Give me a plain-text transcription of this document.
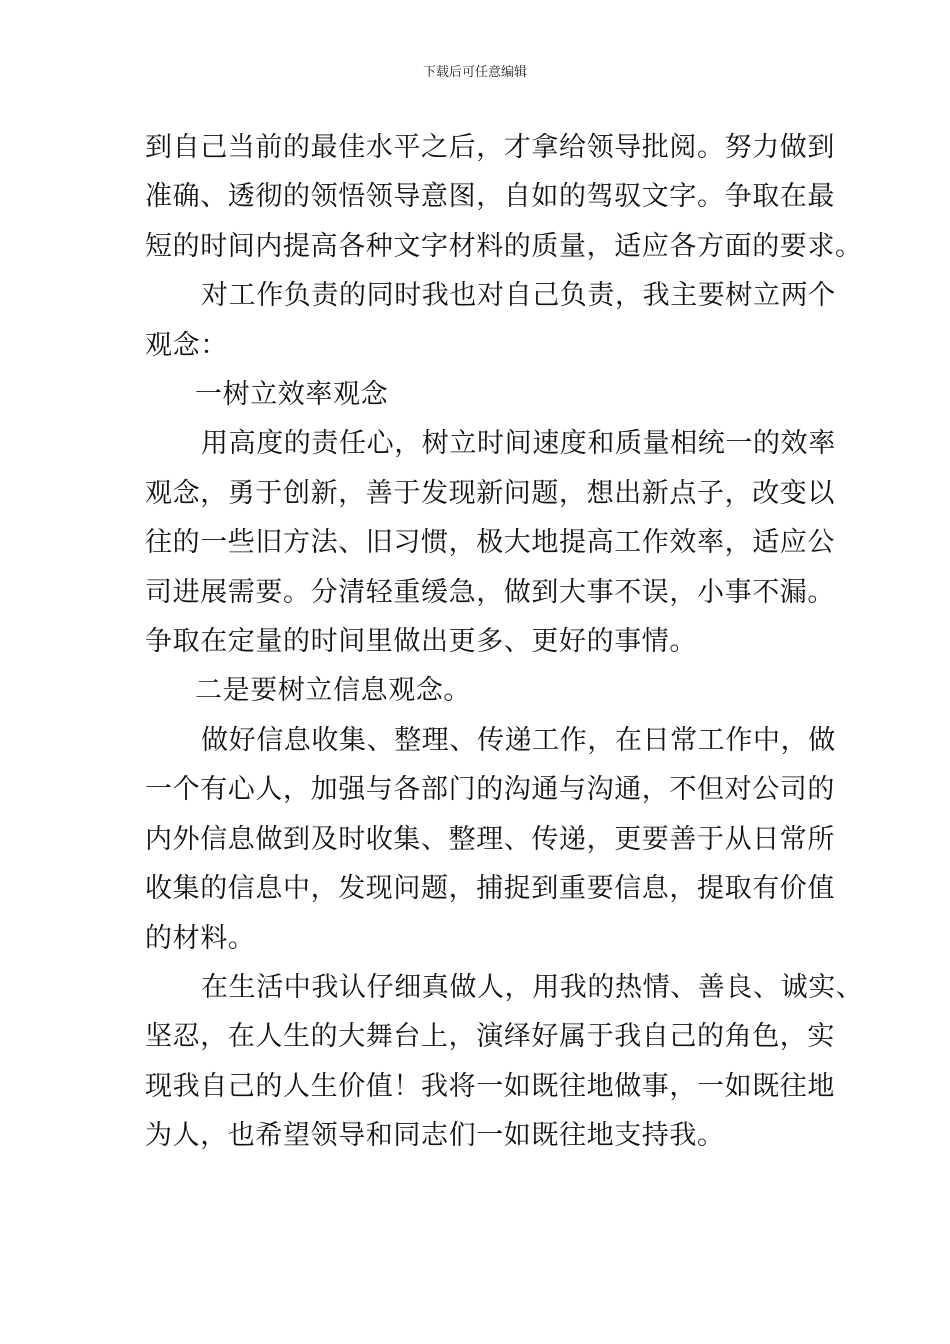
下载后可任意编辑
到自己当前的最佳水平之后，才拿给领导批阅。努力做到
准确、透彻的领悟领导意图，自如的驾驭文字。争取在最
短的时间内提高各种文字材料的质量，适应各方面的要求。
对工作负责的同时我也对自己负责，我主要树立两个
观念：
一树立效率观念
用高度的责任心，树立时间速度和质量相统一的效率
观念，勇于创新，善于发现新问题，想出新点子，改变以
往的一些旧方法、旧习惯，极大地提高工作效率，适应公
司进展需要。分清轻重缓急，做到大事不误，小事不漏。
争取在定量的时间里做出更多、更好的事情。
二是要树立信息观念。
做好信息收集、整理、传递工作，在日常工作中，做
一个有心人，加强与各部门的沟通与沟通，不但对公司的
内外信息做到及时收集、整理、传递，更要善于从日常所
收集的信息中，发现问题，捕捉到重要信息，提取有价值
的材料。
在生活中我认仔细真做人，用我的热情、善良、诚实、
坚忍，在人生的大舞台上，演绎好属于我自己的角色，实
现我自己的人生价值！我将一如既往地做事，一如既往地
为人，也希望领导和同志们一如既往地支持我。
